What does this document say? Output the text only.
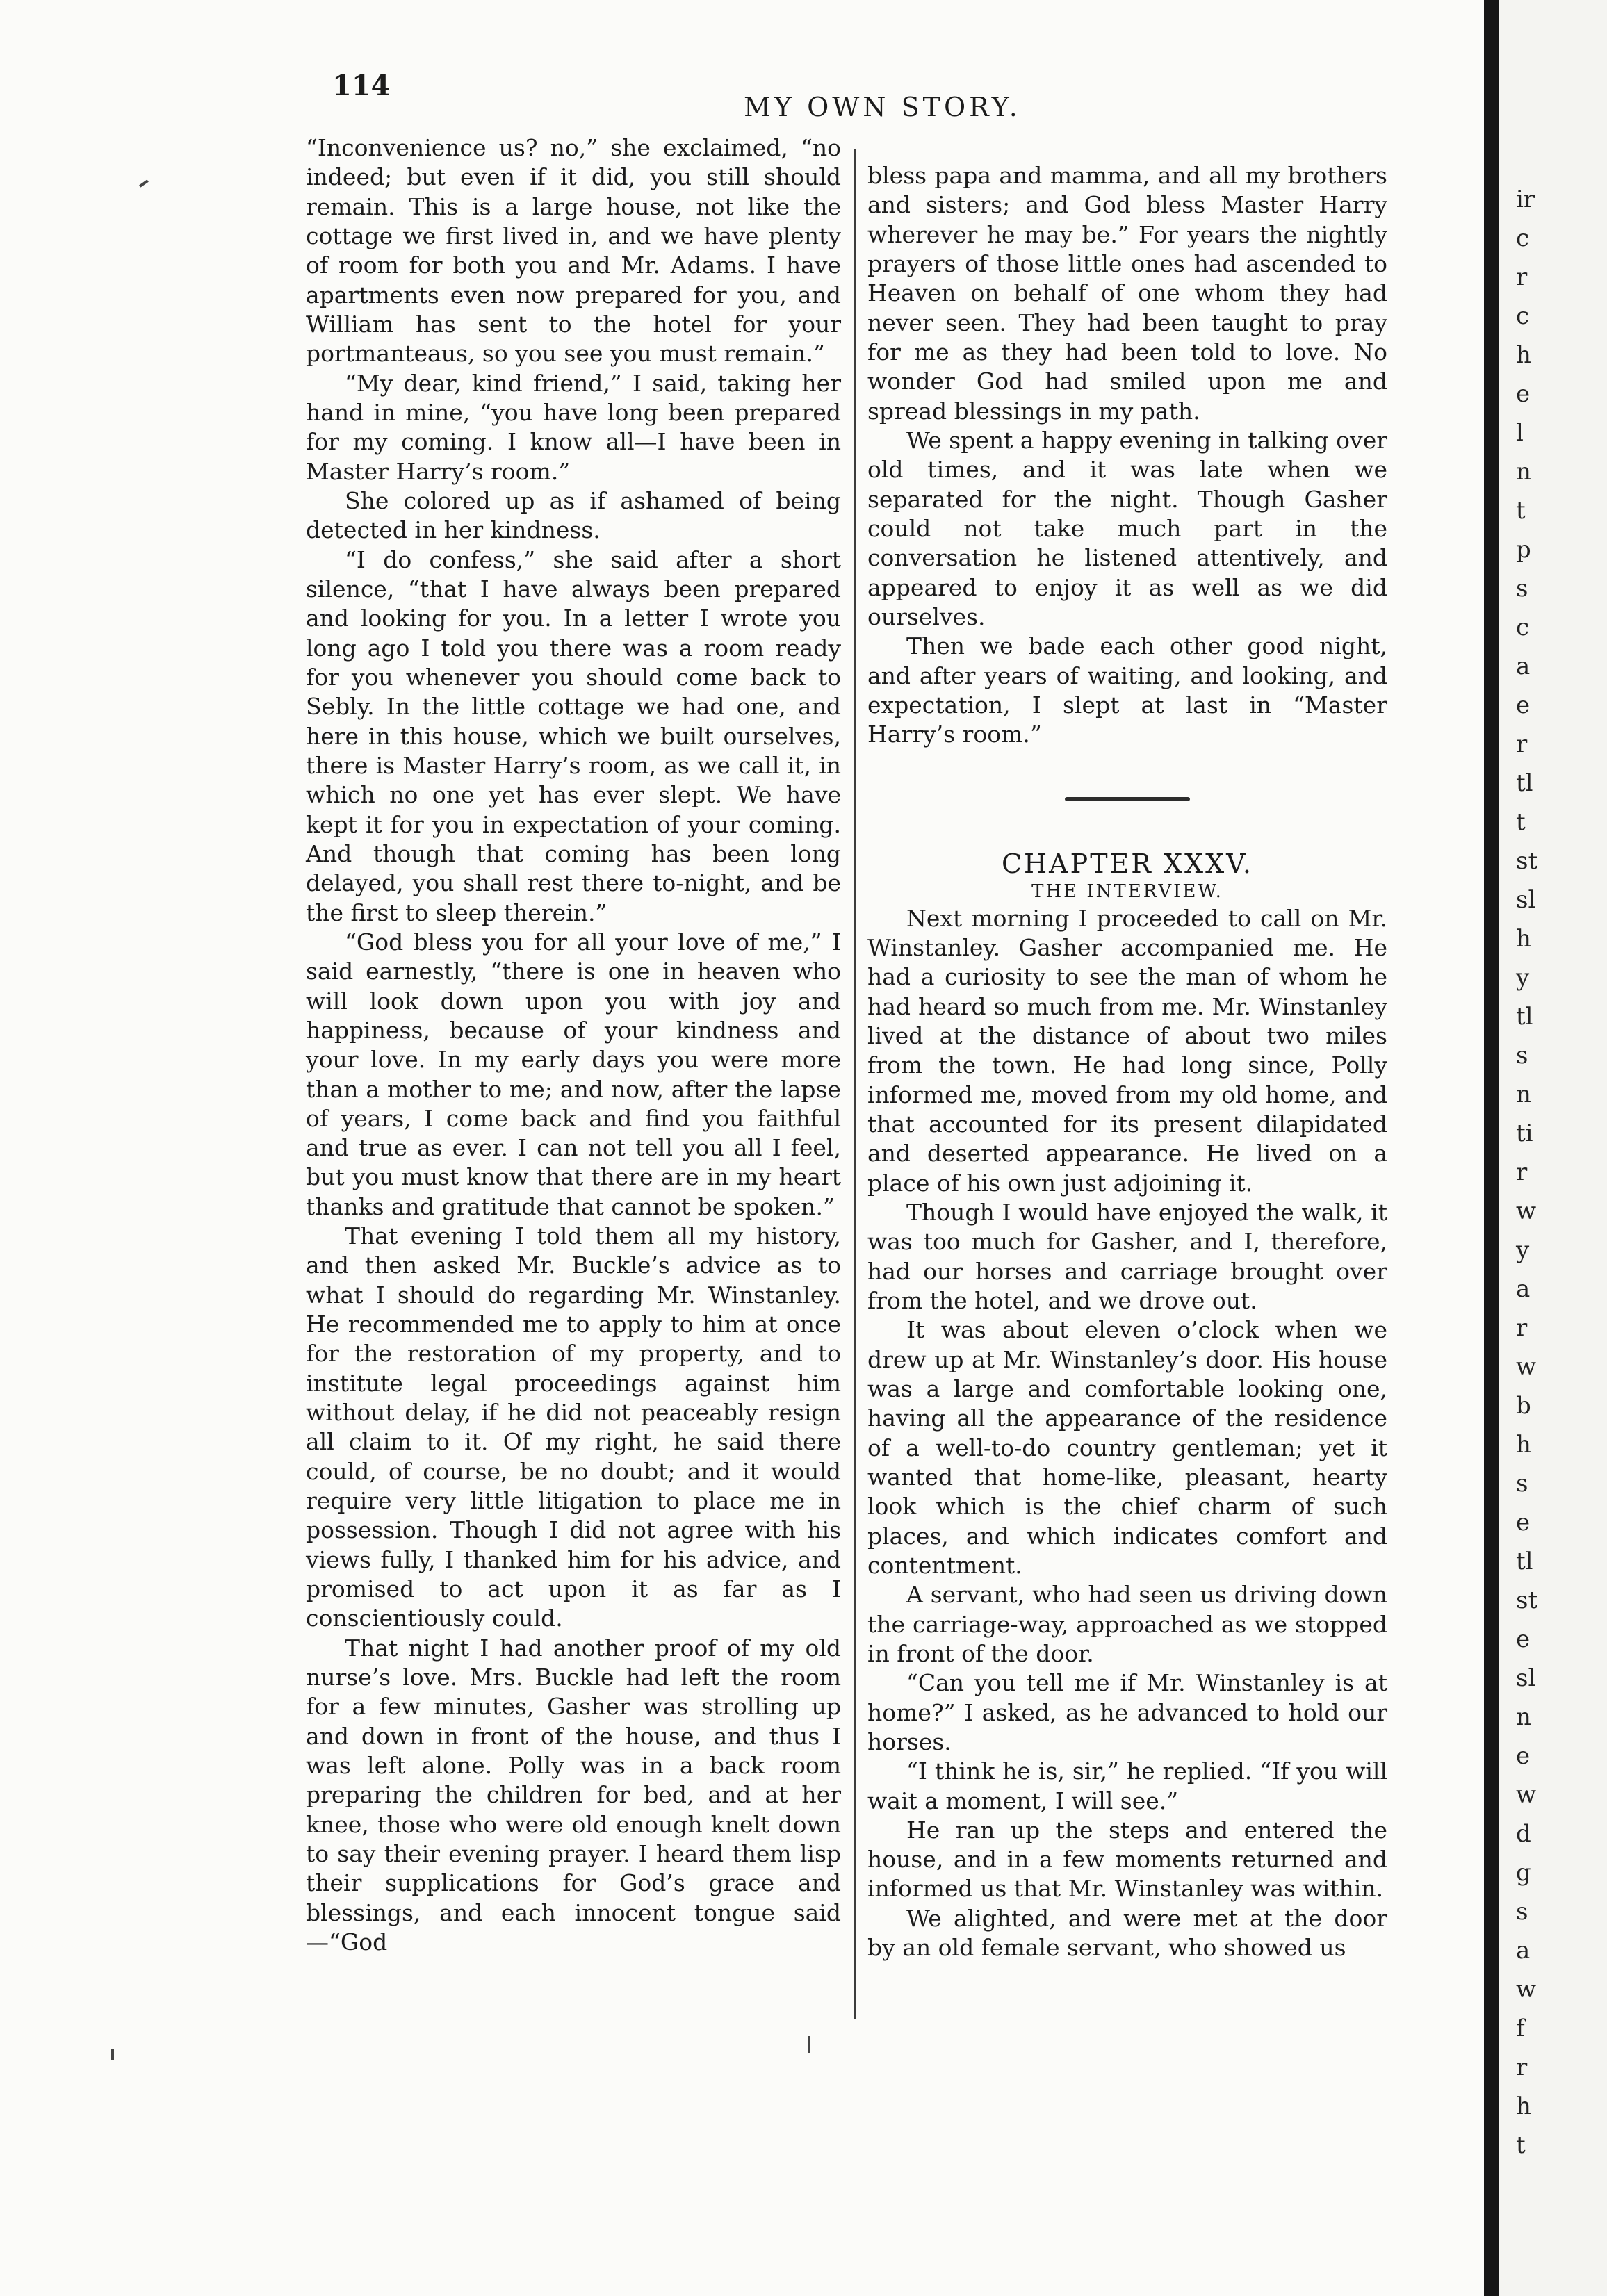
114
MY OWN STORY.

“Inconvenience us? no,” she exclaimed, “no indeed; but even if it did, you still should remain. This is a large house, not like the cottage we first lived in, and we have plenty of room for both you and Mr. Adams. I have apartments even now prepared for you, and William has sent to the hotel for your portmanteaus, so you see you must remain.”

“My dear, kind friend,” I said, taking her hand in mine, “you have long been prepared for my coming. I know all—I have been in Master Harry’s room.”

She colored up as if ashamed of being detected in her kindness.

“I do confess,” she said after a short silence, “that I have always been prepared and looking for you. In a letter I wrote you long ago I told you there was a room ready for you whenever you should come back to Sebly. In the little cottage we had one, and here in this house, which we built ourselves, there is Master Harry’s room, as we call it, in which no one yet has ever slept. We have kept it for you in expectation of your coming. And though that coming has been long delayed, you shall rest there to-night, and be the first to sleep therein.”

“God bless you for all your love of me,” I said earnestly, “there is one in heaven who will look down upon you with joy and happiness, because of your kindness and your love. In my early days you were more than a mother to me; and now, after the lapse of years, I come back and find you faithful and true as ever. I can not tell you all I feel, but you must know that there are in my heart thanks and gratitude that cannot be spoken.”

That evening I told them all my history, and then asked Mr. Buckle’s advice as to what I should do regarding Mr. Winstanley. He recommended me to apply to him at once for the restoration of my property, and to institute legal proceedings against him without delay, if he did not peaceably resign all claim to it. Of my right, he said there could, of course, be no doubt; and it would require very little litigation to place me in possession. Though I did not agree with his views fully, I thanked him for his advice, and promised to act upon it as far as I conscientiously could.

That night I had another proof of my old nurse’s love. Mrs. Buckle had left the room for a few minutes, Gasher was strolling up and down in front of the house, and thus I was left alone. Polly was in a back room preparing the children for bed, and at her knee, those who were old enough knelt down to say their evening prayer. I heard them lisp their supplications for God’s grace and blessings, and each innocent tongue said—“God

bless papa and mamma, and all my brothers and sisters; and God bless Master Harry wherever he may be.” For years the nightly prayers of those little ones had ascended to Heaven on behalf of one whom they had never seen. They had been taught to pray for me as they had been told to love. No wonder God had smiled upon me and spread blessings in my path.

We spent a happy evening in talking over old times, and it was late when we separated for the night. Though Gasher could not take much part in the conversation he listened attentively, and appeared to enjoy it as well as we did ourselves.

Then we bade each other good night, and after years of waiting, and looking, and expectation, I slept at last in “Master Harry’s room.”

CHAPTER XXXV.

THE INTERVIEW.

Next morning I proceeded to call on Mr. Winstanley. Gasher accompanied me. He had a curiosity to see the man of whom he had heard so much from me. Mr. Winstanley lived at the distance of about two miles from the town. He had long since, Polly informed me, moved from my old home, and that accounted for its present dilapidated and deserted appearance. He lived on a place of his own just adjoining it.

Though I would have enjoyed the walk, it was too much for Gasher, and I, therefore, had our horses and carriage brought over from the hotel, and we drove out.

It was about eleven o’clock when we drew up at Mr. Winstanley’s door. His house was a large and comfortable looking one, having all the appearance of the residence of a well-to-do country gentleman; yet it wanted that home-like, pleasant, hearty look which is the chief charm of such places, and which indicates comfort and contentment.

A servant, who had seen us driving down the carriage-way, approached as we stopped in front of the door.

“Can you tell me if Mr. Winstanley is at home?” I asked, as he advanced to hold our horses.

“I think he is, sir,” he replied. “If you will wait a moment, I will see.”

He ran up the steps and entered the house, and in a few moments returned and informed us that Mr. Winstanley was within.

We alighted, and were met at the door by an old female servant, who showed us

ir
c
r
c
h
e
l
n
t
p
s
c
a
e
r
tl
t
st
sl
h
y
tl
s
n
ti
r
w
y
a
r
w
b
h
s
e
tl
st
e
sl
n
e
w
d
g
s
a
w
f
r
h
t
